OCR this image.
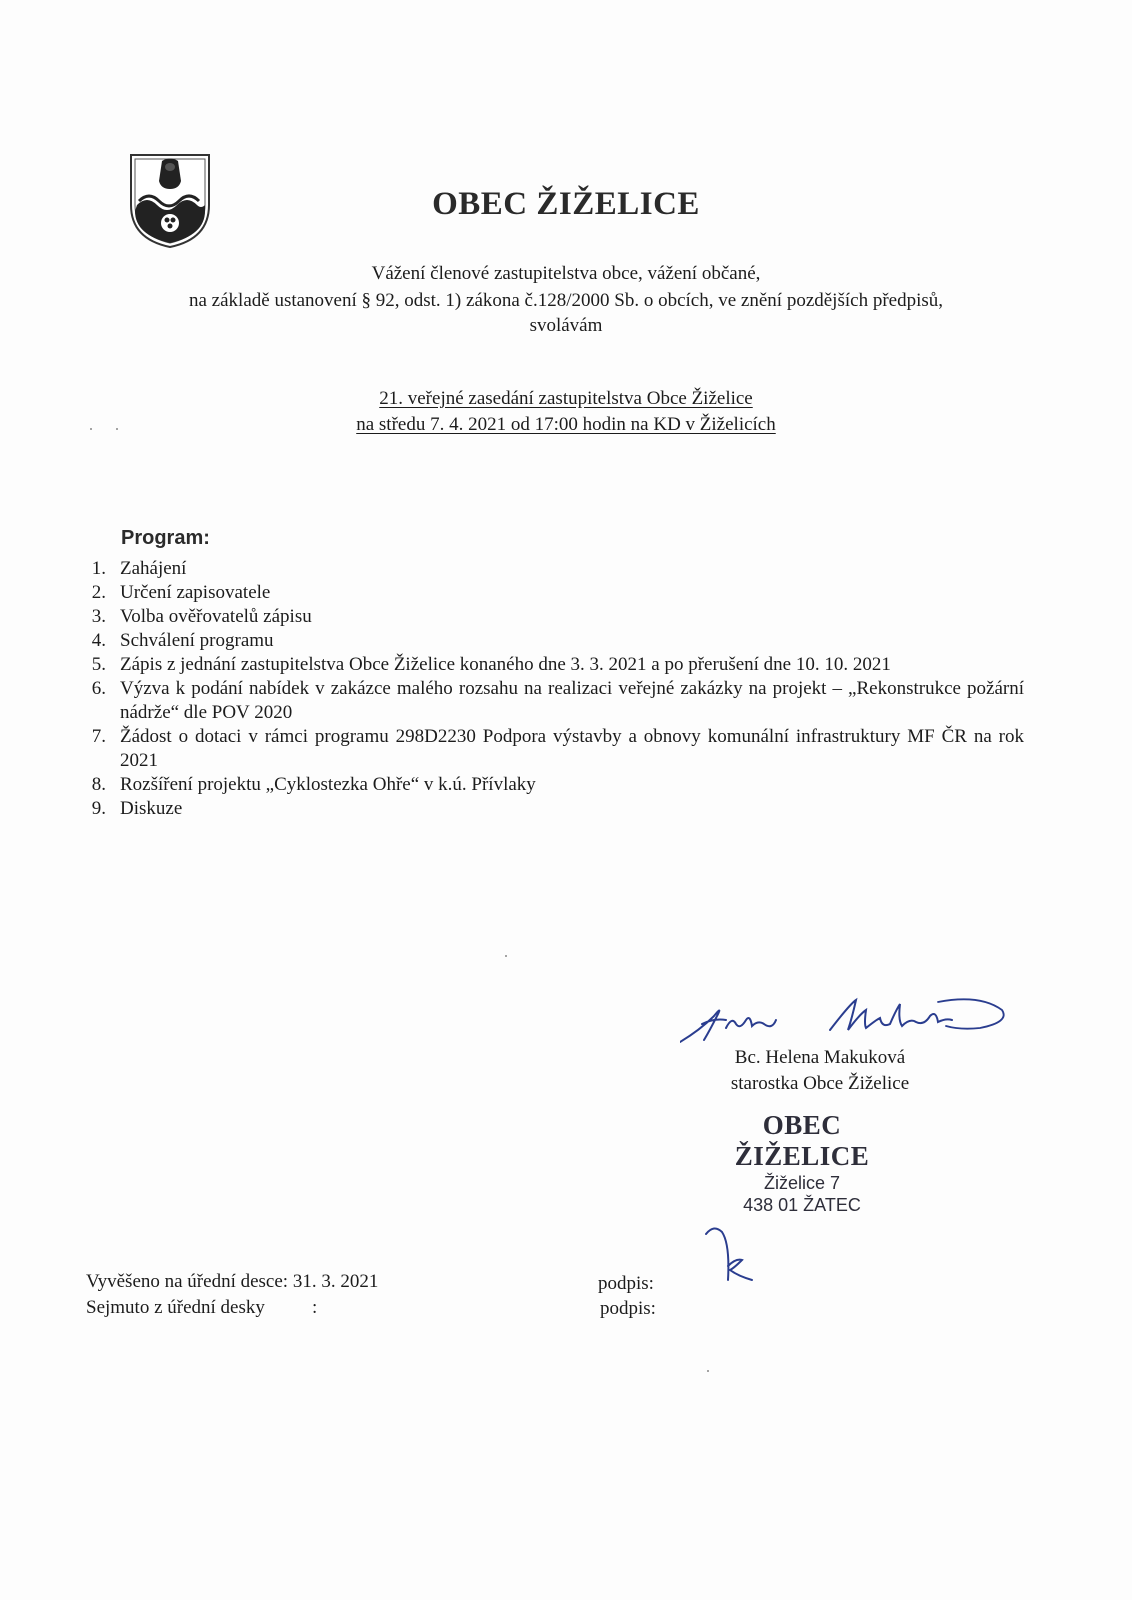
OBEC ŽIŽELICE
Vážení členové zastupitelstva obce, vážení občané,
na základě ustanovení § 92, odst. 1) zákona č.128/2000 Sb. o obcích, ve znění pozdějších předpisů,
svolávám
21. veřejné zasedání zastupitelstva Obce Žiželice
na středu 7. 4. 2021 od 17:00 hodin na KD v Žiželicích
Program:
1. Zahájení
2. Určení zapisovatele
3. Volba ověřovatelů zápisu
4. Schválení programu
5. Zápis z jednání zastupitelstva Obce Žiželice konaného dne 3. 3. 2021 a po přerušení dne 10. 10. 2021
6. Výzva k podání nabídek v zakázce malého rozsahu na realizaci veřejné zakázky na projekt – „Rekonstrukce požární nádrže“ dle POV 2020
7. Žádost o dotaci v rámci programu 298D2230 Podpora výstavby a obnovy komunální infrastruktury MF ČR na rok 2021
8. Rozšíření projektu „Cyklostezka Ohře“ v k.ú. Přívlaky
9. Diskuze
Bc. Helena Makuková
starostka Obce Žiželice
OBEC ŽIŽELICE
Žiželice 7
438 01 ŽATEC
Vyvěšeno na úřední desce: 31. 3. 2021
Sejmuto z úřední desky :
podpis:
podpis:
